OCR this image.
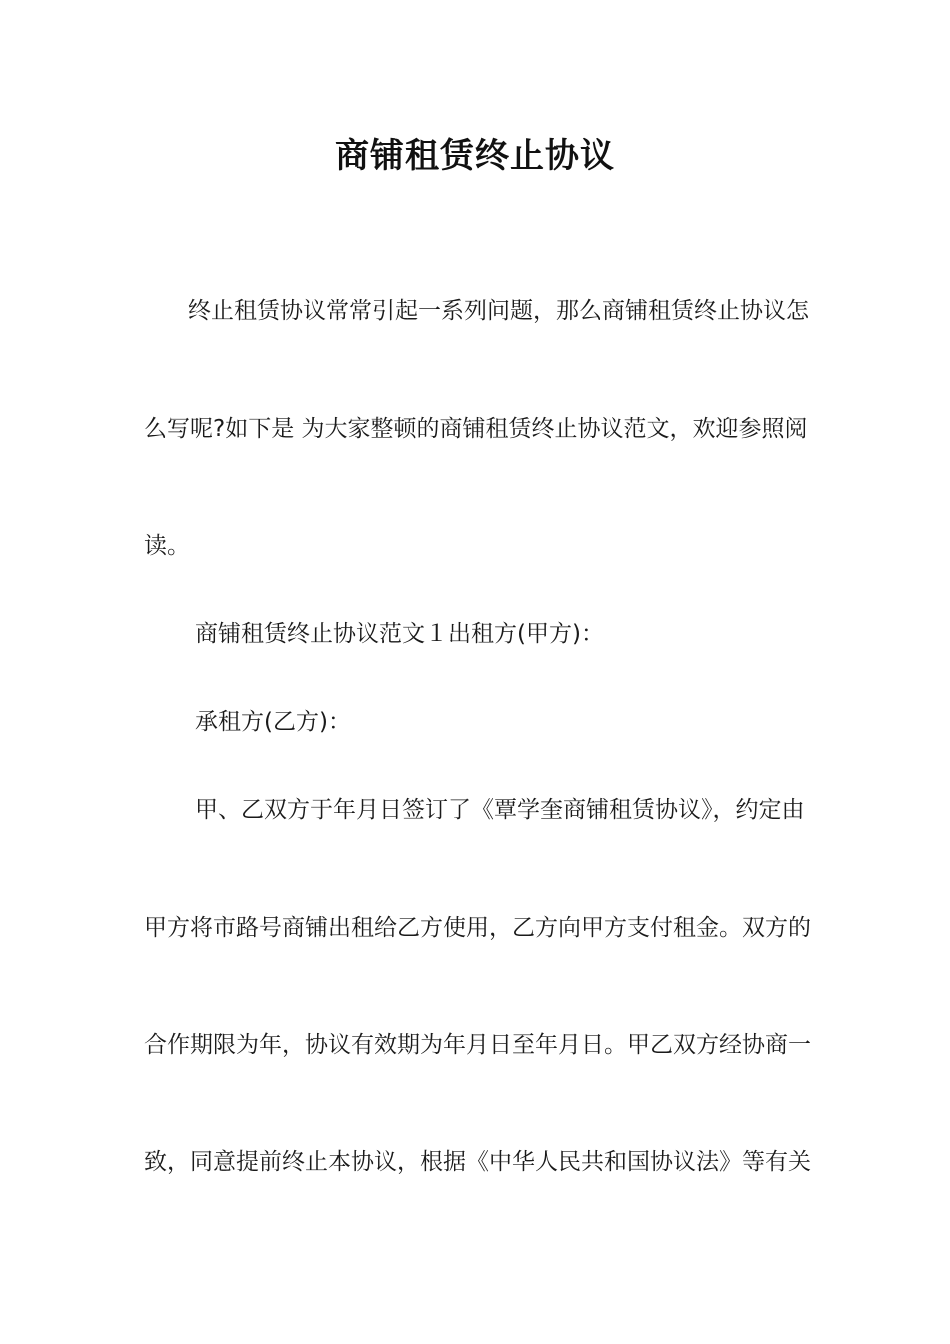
商铺租赁终止协议
终止租赁协议常常引起一系列问题，那么商铺租赁终止协议怎
么写呢?如下是 为大家整顿的商铺租赁终止协议范文，欢迎参照阅
读。
商铺租赁终止协议范文１出租方(甲方)：
承租方(乙方)：
甲、乙双方于年月日签订了《覃学奎商铺租赁协议》，约定由
甲方将市路号商铺出租给乙方使用，乙方向甲方支付租金。双方的
合作期限为年，协议有效期为年月日至年月日。甲乙双方经协商一
致，同意提前终止本协议，根据《中华人民共和国协议法》等有关
